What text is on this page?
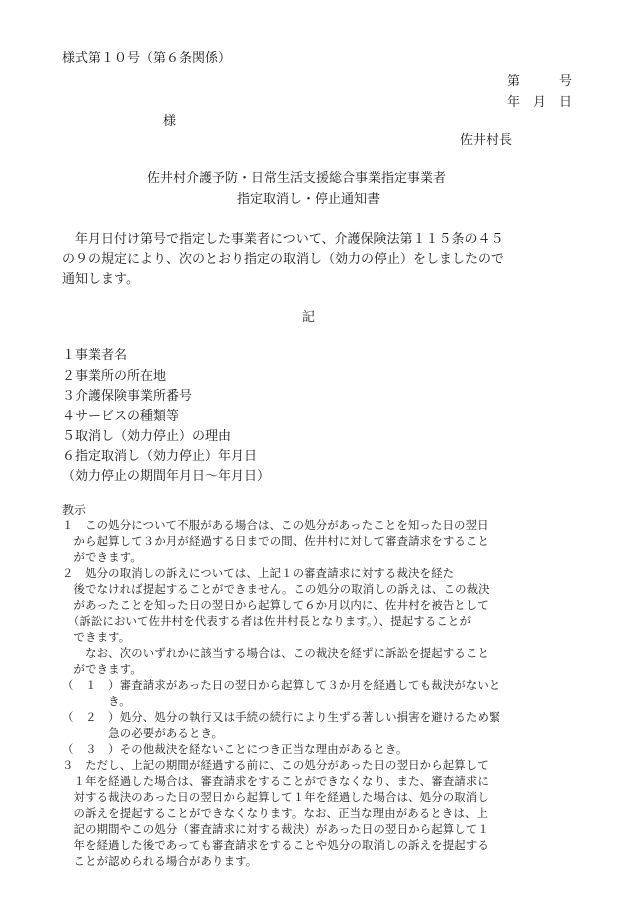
様式第１０号（第６条関係）
第　　　号
年　月　日
様
佐井村長
佐井村介護予防・日常生活支援総合事業指定事業者
指定取消し・停止通知書
　年月日付け第号で指定した事業者について、介護保険法第１１５条の４５
の９の規定により、次のとおり指定の取消し（効力の停止）をしましたので
通知します。
記
１事業者名
２事業所の所在地
３介護保険事業所番号
４サービスの種類等
５取消し（効力停止）の理由
６指定取消し（効力停止）年月日
（効力停止の期間年月日～年月日）
教示
１　この処分について不服がある場合は、この処分があったことを知った日の翌日
　から起算して３か月が経過する日までの間、佐井村に対して審査請求をすること
　ができます。
２　処分の取消しの訴えについては、上記１の審査請求に対する裁決を経た
　後でなければ提起することができません。この処分の取消しの訴えは、この裁決
　があったことを知った日の翌日から起算して６か月以内に、佐井村を被告として
　（訴訟において佐井村を代表する者は佐井村長となります。）、提起することが
　できます。
　　なお、次のいずれかに該当する場合は、この裁決を経ずに訴訟を提起すること
　ができます。
（　１　）審査請求があった日の翌日から起算して３か月を経過しても裁決がないと
　　　　き。
（　２　）処分、処分の執行又は手続の続行により生ずる著しい損害を避けるため緊
　　　　急の必要があるとき。
（　３　）その他裁決を経ないことにつき正当な理由があるとき。
３　ただし、上記の期間が経過する前に、この処分があった日の翌日から起算して
　１年を経過した場合は、審査請求をすることができなくなり、また、審査請求に
　対する裁決のあった日の翌日から起算して１年を経過した場合は、処分の取消し
　の訴えを提起することができなくなります。なお、正当な理由があるときは、上
　記の期間やこの処分（審査請求に対する裁決）があった日の翌日から起算して１
　年を経過した後であっても審査請求をすることや処分の取消しの訴えを提起する
　ことが認められる場合があります。
